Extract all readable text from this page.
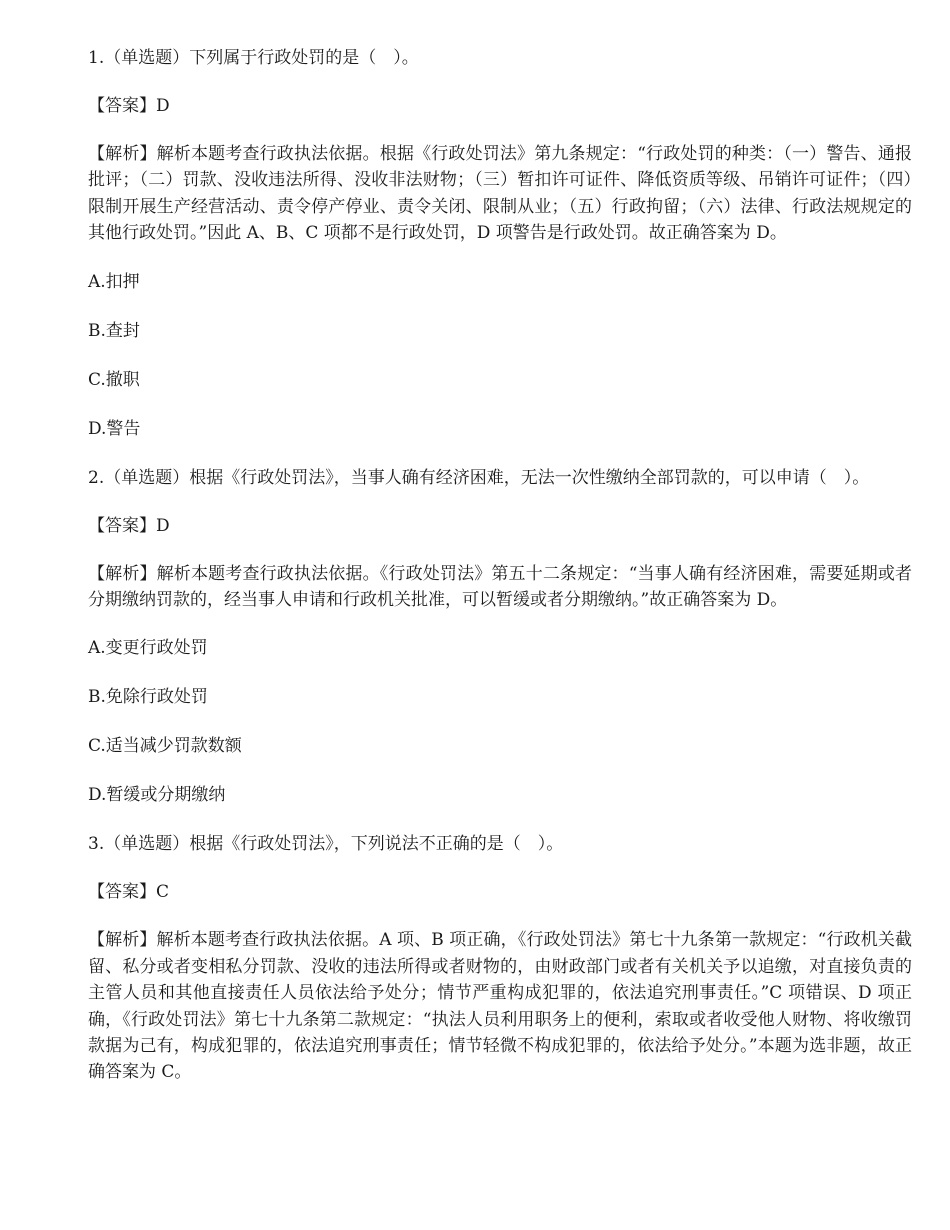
1.（单选题）下列属于行政处罚的是（　）。

【答案】D

【解析】解析本题考查行政执法依据。根据《行政处罚法》第九条规定：“行政处罚的种类：（一）警告、通报批评；（二）罚款、没收违法所得、没收非法财物；（三）暂扣许可证件、降低资质等级、吊销许可证件；（四）限制开展生产经营活动、责令停产停业、责令关闭、限制从业；（五）行政拘留；（六）法律、行政法规规定的其他行政处罚。”因此 A、B、C 项都不是行政处罚，D 项警告是行政处罚。故正确答案为 D。

A.扣押

B.查封

C.撤职

D.警告

2.（单选题）根据《行政处罚法》，当事人确有经济困难，无法一次性缴纳全部罚款的，可以申请（　）。

【答案】D

【解析】解析本题考查行政执法依据。《行政处罚法》第五十二条规定：“当事人确有经济困难，需要延期或者分期缴纳罚款的，经当事人申请和行政机关批准，可以暂缓或者分期缴纳。”故正确答案为 D。

A.变更行政处罚

B.免除行政处罚

C.适当减少罚款数额

D.暂缓或分期缴纳

3.（单选题）根据《行政处罚法》，下列说法不正确的是（　）。

【答案】C

【解析】解析本题考查行政执法依据。A 项、B 项正确，《行政处罚法》第七十九条第一款规定：“行政机关截留、私分或者变相私分罚款、没收的违法所得或者财物的，由财政部门或者有关机关予以追缴，对直接负责的主管人员和其他直接责任人员依法给予处分；情节严重构成犯罪的，依法追究刑事责任。”C 项错误、D 项正确，《行政处罚法》第七十九条第二款规定：“执法人员利用职务上的便利，索取或者收受他人财物、将收缴罚款据为己有，构成犯罪的，依法追究刑事责任；情节轻微不构成犯罪的，依法给予处分。”本题为选非题，故正确答案为 C。
